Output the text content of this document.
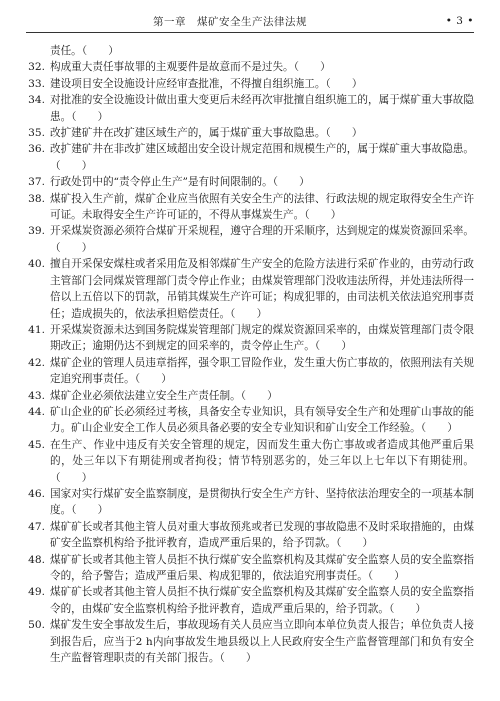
第一章　煤矿安全生产法律法规	• 3 •
责任。（　　）
32. 构成重大责任事故罪的主观要件是故意而不是过失。（　　）
33. 建设项目安全设施设计应经审查批准，不得擅自组织施工。（　　）
34. 对批准的安全设施设计做出重大变更后未经再次审批擅自组织施工的，属于煤矿重大事故隐患。（　　）
35. 改扩建矿井在改扩建区域生产的，属于煤矿重大事故隐患。（　　）
36. 改扩建矿井在非改扩建区域超出安全设计规定范围和规模生产的，属于煤矿重大事故隐患。（　　）
37. 行政处罚中的“责令停止生产”是有时间限制的。（　　）
38. 煤矿投入生产前，煤矿企业应当依照有关安全生产的法律、行政法规的规定取得安全生产许可证。未取得安全生产许可证的，不得从事煤炭生产。（　　）
39. 开采煤炭资源必须符合煤矿开采规程，遵守合理的开采顺序，达到规定的煤炭资源回采率。（　　）
40. 擅自开采保安煤柱或者采用危及相邻煤矿生产安全的危险方法进行采矿作业的，由劳动行政主管部门会同煤炭管理部门责令停止作业；由煤炭管理部门没收违法所得，并处违法所得一倍以上五倍以下的罚款，吊销其煤炭生产许可证；构成犯罪的，由司法机关依法追究刑事责任；造成损失的，依法承担赔偿责任。（　　）
41. 开采煤炭资源未达到国务院煤炭管理部门规定的煤炭资源回采率的，由煤炭管理部门责令限期改正；逾期仍达不到规定的回采率的，责令停止生产。（　　）
42. 煤矿企业的管理人员违章指挥，强令职工冒险作业，发生重大伤亡事故的，依照刑法有关规定追究刑事责任。（　　）
43. 煤矿企业必须依法建立安全生产责任制。（　　）
44. 矿山企业的矿长必须经过考核，具备安全专业知识，具有领导安全生产和处理矿山事故的能力。矿山企业安全工作人员必须具备必要的安全专业知识和矿山安全工作经验。（　　）
45. 在生产、作业中违反有关安全管理的规定，因而发生重大伤亡事故或者造成其他严重后果的，处三年以下有期徒刑或者拘役；情节特别恶劣的，处三年以上七年以下有期徒刑。（　　）
46. 国家对实行煤矿安全监察制度，是贯彻执行安全生产方针、坚持依法治理安全的一项基本制度。（　　）
47. 煤矿矿长或者其他主管人员对重大事故预兆或者已发现的事故隐患不及时采取措施的，由煤矿安全监察机构给予批评教育，造成严重后果的，给予罚款。（　　）
48. 煤矿矿长或者其他主管人员拒不执行煤矿安全监察机构及其煤矿安全监察人员的安全监察指令的，给予警告；造成严重后果、构成犯罪的，依法追究刑事责任。（　　）
49. 煤矿矿长或者其他主管人员拒不执行煤矿安全监察机构及其煤矿安全监察人员的安全监察指令的，由煤矿安全监察机构给予批评教育，造成严重后果的，给予罚款。（　　）
50. 煤矿发生安全事故发生后，事故现场有关人员应当立即向本单位负责人报告；单位负责人接到报告后，应当于2 h内向事故发生地县级以上人民政府安全生产监督管理部门和负有安全生产监督管理职责的有关部门报告。（　　）
